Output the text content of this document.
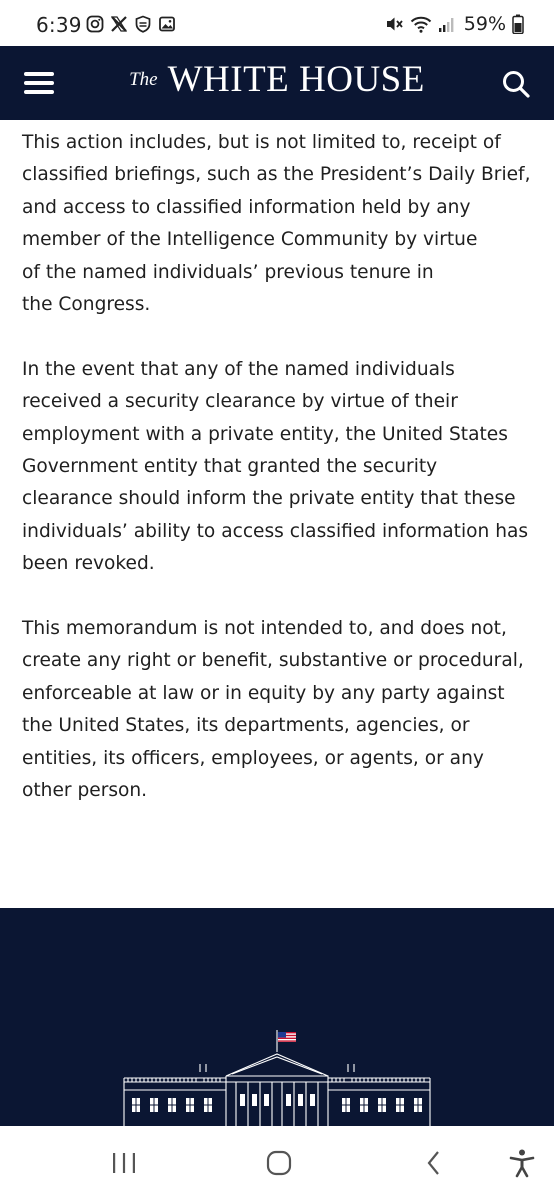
6:39	59%
The WHITE HOUSE

This action includes, but is not limited to, receipt of
classified briefings, such as the President’s Daily Brief,
and access to classified information held by any
member of the Intelligence Community by virtue
of the named individuals’ previous tenure in
the Congress.

In the event that any of the named individuals
received a security clearance by virtue of their
employment with a private entity, the United States
Government entity that granted the security
clearance should inform the private entity that these
individuals’ ability to access classified information has
been revoked.

This memorandum is not intended to, and does not,
create any right or benefit, substantive or procedural,
enforceable at law or in equity by any party against
the United States, its departments, agencies, or
entities, its officers, employees, or agents, or any
other person.
